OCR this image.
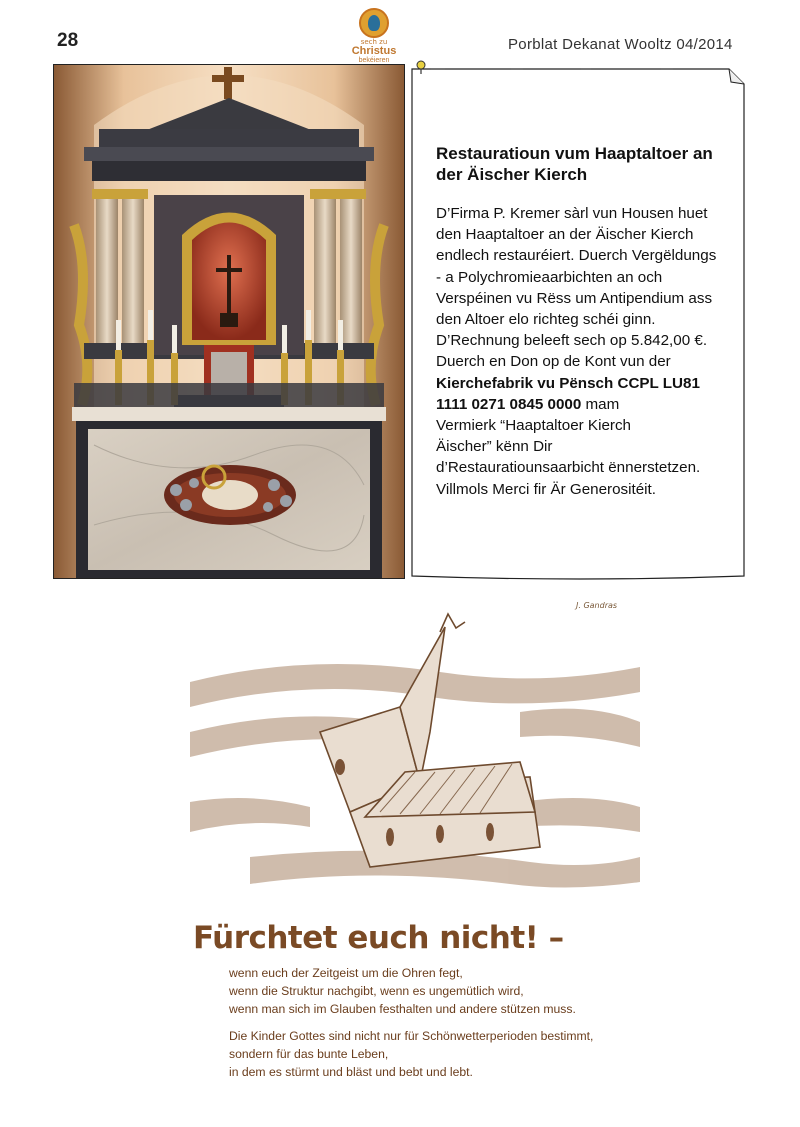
28	sech zu
Christus
bekéieren
Porblat Dekanat Wooltz 04/2014
Restauratioun vum Haaptaltoer an der Äischer Kierch
D’Firma P. Kremer sàrl vun Housen huet
den Haaptaltoer an der Äischer Kierch
endlech restauréiert. Duerch Vergëldungs
- a Polychromieaarbichten an och
Verspéinen vu Rëss um Antipendium ass
den Altoer elo richteg schéi ginn.
D’Rechnung beleeft sech op 5.842,00 €.
Duerch en Don op de Kont vun der
Kierchefabrik vu Pënsch CCPL LU81
1111 0271 0845 0000 mam
Vermierk “Haaptaltoer Kierch
Äischer” kënn Dir
d’Restauratiounsaarbicht ënnerstetzen.
Villmols Merci fir Är Generositéit.
J. Gandras
Fürchtet euch nicht! –
wenn euch der Zeitgeist um die Ohren fegt,
wenn die Struktur nachgibt, wenn es ungemütlich wird,
wenn man sich im Glauben festhalten und andere stützen muss.
Die Kinder Gottes sind nicht nur für Schönwetterperioden bestimmt,
sondern für das bunte Leben,
in dem es stürmt und bläst und bebt und lebt.
